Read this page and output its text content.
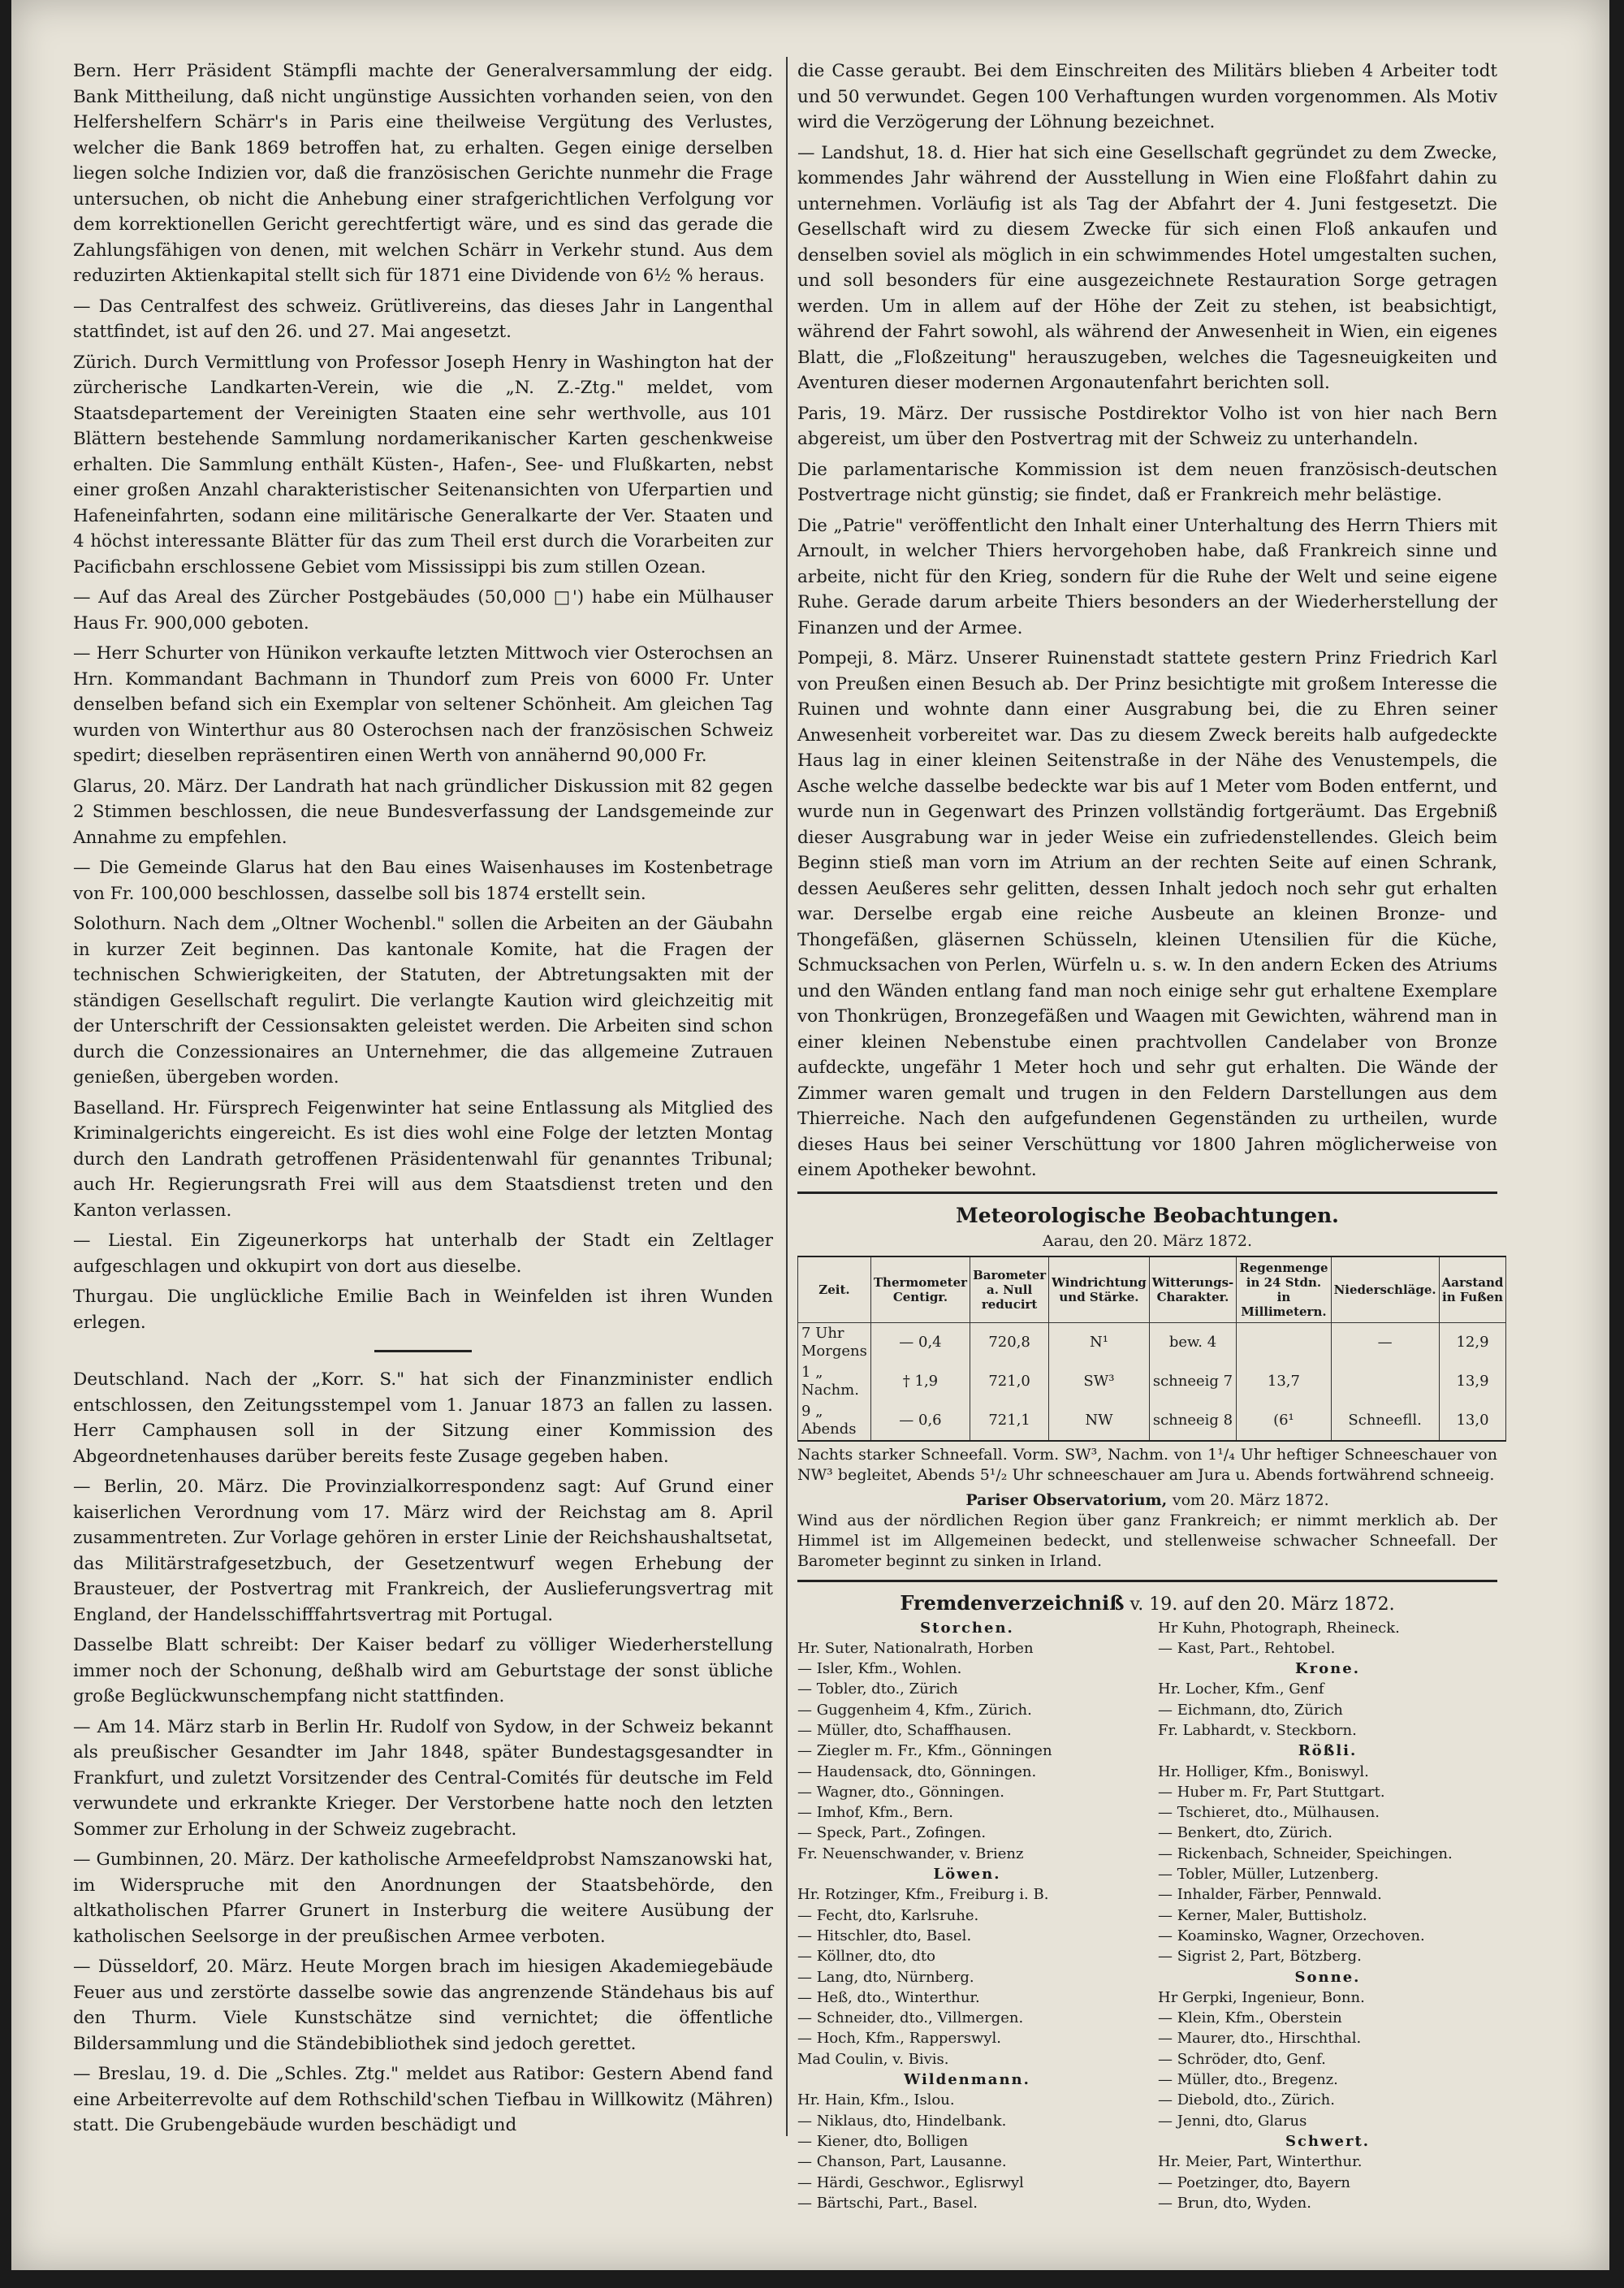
Bern. Herr Präsident Stämpfli machte der Generalversammlung der eidg. Bank Mittheilung, daß nicht ungünstige Aussichten vorhanden seien, von den Helfershelfern Schärr's in Paris eine theilweise Vergütung des Verlustes, welcher die Bank 1869 betroffen hat, zu erhalten. Gegen einige derselben liegen solche Indizien vor, daß die französischen Gerichte nunmehr die Frage untersuchen, ob nicht die Anhebung einer strafgerichtlichen Verfolgung vor dem korrektionellen Gericht gerechtfertigt wäre, und es sind das gerade die Zahlungsfähigen von denen, mit welchen Schärr in Verkehr stund. Aus dem reduzirten Aktienkapital stellt sich für 1871 eine Dividende von 6½ % heraus.

— Das Centralfest des schweiz. Grütlivereins, das dieses Jahr in Langenthal stattfindet, ist auf den 26. und 27. Mai angesetzt.

Zürich. Durch Vermittlung von Professor Joseph Henry in Washington hat der zürcherische Landkarten-Verein, wie die „N. Z.-Ztg." meldet, vom Staatsdepartement der Vereinigten Staaten eine sehr werthvolle, aus 101 Blättern bestehende Sammlung nordamerikanischer Karten geschenkweise erhalten. Die Sammlung enthält Küsten-, Hafen-, See- und Flußkarten, nebst einer großen Anzahl charakteristischer Seitenansichten von Uferpartien und Hafeneinfahrten, sodann eine militärische Generalkarte der Ver. Staaten und 4 höchst interessante Blätter für das zum Theil erst durch die Vorarbeiten zur Pacificbahn erschlossene Gebiet vom Mississippi bis zum stillen Ozean.

— Auf das Areal des Zürcher Postgebäudes (50,000 □') habe ein Mülhauser Haus Fr. 900,000 geboten.

— Herr Schurter von Hünikon verkaufte letzten Mittwoch vier Osterochsen an Hrn. Kommandant Bachmann in Thundorf zum Preis von 6000 Fr. Unter denselben befand sich ein Exemplar von seltener Schönheit. Am gleichen Tag wurden von Winterthur aus 80 Osterochsen nach der französischen Schweiz spedirt; dieselben repräsentiren einen Werth von annähernd 90,000 Fr.

Glarus, 20. März. Der Landrath hat nach gründlicher Diskussion mit 82 gegen 2 Stimmen beschlossen, die neue Bundesverfassung der Landsgemeinde zur Annahme zu empfehlen.

— Die Gemeinde Glarus hat den Bau eines Waisenhauses im Kostenbetrage von Fr. 100,000 beschlossen, dasselbe soll bis 1874 erstellt sein.

Solothurn. Nach dem „Oltner Wochenbl." sollen die Arbeiten an der Gäubahn in kurzer Zeit beginnen. Das kantonale Komite, hat die Fragen der technischen Schwierigkeiten, der Statuten, der Abtretungsakten mit der ständigen Gesellschaft regulirt. Die verlangte Kaution wird gleichzeitig mit der Unterschrift der Cessionsakten geleistet werden. Die Arbeiten sind schon durch die Conzessionaires an Unternehmer, die das allgemeine Zutrauen genießen, übergeben worden.

Baselland. Hr. Fürsprech Feigenwinter hat seine Entlassung als Mitglied des Kriminalgerichts eingereicht. Es ist dies wohl eine Folge der letzten Montag durch den Landrath getroffenen Präsidentenwahl für genanntes Tribunal; auch Hr. Regierungsrath Frei will aus dem Staatsdienst treten und den Kanton verlassen.

— Liestal. Ein Zigeunerkorps hat unterhalb der Stadt ein Zeltlager aufgeschlagen und okkupirt von dort aus dieselbe.

Thurgau. Die unglückliche Emilie Bach in Weinfelden ist ihren Wunden erlegen.

Deutschland. Nach der „Korr. S." hat sich der Finanzminister endlich entschlossen, den Zeitungsstempel vom 1. Januar 1873 an fallen zu lassen. Herr Camphausen soll in der Sitzung einer Kommission des Abgeordnetenhauses darüber bereits feste Zusage gegeben haben.

— Berlin, 20. März. Die Provinzialkorrespondenz sagt: Auf Grund einer kaiserlichen Verordnung vom 17. März wird der Reichstag am 8. April zusammentreten. Zur Vorlage gehören in erster Linie der Reichshaushaltsetat, das Militärstrafgesetzbuch, der Gesetzentwurf wegen Erhebung der Brausteuer, der Postvertrag mit Frankreich, der Auslieferungsvertrag mit England, der Handelsschifffahrtsvertrag mit Portugal.

Dasselbe Blatt schreibt: Der Kaiser bedarf zu völliger Wiederherstellung immer noch der Schonung, deßhalb wird am Geburtstage der sonst übliche große Beglückwunschempfang nicht stattfinden.

— Am 14. März starb in Berlin Hr. Rudolf von Sydow, in der Schweiz bekannt als preußischer Gesandter im Jahr 1848, später Bundestagsgesandter in Frankfurt, und zuletzt Vorsitzender des Central-Comités für deutsche im Feld verwundete und erkrankte Krieger. Der Verstorbene hatte noch den letzten Sommer zur Erholung in der Schweiz zugebracht.

— Gumbinnen, 20. März. Der katholische Armeefeldprobst Namszanowski hat, im Widerspruche mit den Anordnungen der Staatsbehörde, den altkatholischen Pfarrer Grunert in Insterburg die weitere Ausübung der katholischen Seelsorge in der preußischen Armee verboten.

— Düsseldorf, 20. März. Heute Morgen brach im hiesigen Akademiegebäude Feuer aus und zerstörte dasselbe sowie das angrenzende Ständehaus bis auf den Thurm. Viele Kunstschätze sind vernichtet; die öffentliche Bildersammlung und die Ständebibliothek sind jedoch gerettet.

— Breslau, 19. d. Die „Schles. Ztg." meldet aus Ratibor: Gestern Abend fand eine Arbeiterrevolte auf dem Rothschild'schen Tiefbau in Willkowitz (Mähren) statt. Die Grubengebäude wurden beschädigt und

die Casse geraubt. Bei dem Einschreiten des Militärs blieben 4 Arbeiter todt und 50 verwundet. Gegen 100 Verhaftungen wurden vorgenommen. Als Motiv wird die Verzögerung der Löhnung bezeichnet.

— Landshut, 18. d. Hier hat sich eine Gesellschaft gegründet zu dem Zwecke, kommendes Jahr während der Ausstellung in Wien eine Floßfahrt dahin zu unternehmen. Vorläufig ist als Tag der Abfahrt der 4. Juni festgesetzt. Die Gesellschaft wird zu diesem Zwecke für sich einen Floß ankaufen und denselben soviel als möglich in ein schwimmendes Hotel umgestalten suchen, und soll besonders für eine ausgezeichnete Restauration Sorge getragen werden. Um in allem auf der Höhe der Zeit zu stehen, ist beabsichtigt, während der Fahrt sowohl, als während der Anwesenheit in Wien, ein eigenes Blatt, die „Floßzeitung" herauszugeben, welches die Tagesneuigkeiten und Aventuren dieser modernen Argonautenfahrt berichten soll.

Paris, 19. März. Der russische Postdirektor Volho ist von hier nach Bern abgereist, um über den Postvertrag mit der Schweiz zu unterhandeln.

Die parlamentarische Kommission ist dem neuen französisch-deutschen Postvertrage nicht günstig; sie findet, daß er Frankreich mehr belästige.

Die „Patrie" veröffentlicht den Inhalt einer Unterhaltung des Herrn Thiers mit Arnoult, in welcher Thiers hervorgehoben habe, daß Frankreich sinne und arbeite, nicht für den Krieg, sondern für die Ruhe der Welt und seine eigene Ruhe. Gerade darum arbeite Thiers besonders an der Wiederherstellung der Finanzen und der Armee.

Pompeji, 8. März. Unserer Ruinenstadt stattete gestern Prinz Friedrich Karl von Preußen einen Besuch ab. Der Prinz besichtigte mit großem Interesse die Ruinen und wohnte dann einer Ausgrabung bei, die zu Ehren seiner Anwesenheit vorbereitet war. Das zu diesem Zweck bereits halb aufgedeckte Haus lag in einer kleinen Seitenstraße in der Nähe des Venustempels, die Asche welche dasselbe bedeckte war bis auf 1 Meter vom Boden entfernt, und wurde nun in Gegenwart des Prinzen vollständig fortgeräumt. Das Ergebniß dieser Ausgrabung war in jeder Weise ein zufriedenstellendes. Gleich beim Beginn stieß man vorn im Atrium an der rechten Seite auf einen Schrank, dessen Aeußeres sehr gelitten, dessen Inhalt jedoch noch sehr gut erhalten war. Derselbe ergab eine reiche Ausbeute an kleinen Bronze- und Thongefäßen, gläsernen Schüsseln, kleinen Utensilien für die Küche, Schmucksachen von Perlen, Würfeln u. s. w. In den andern Ecken des Atriums und den Wänden entlang fand man noch einige sehr gut erhaltene Exemplare von Thonkrügen, Bronzegefäßen und Waagen mit Gewichten, während man in einer kleinen Nebenstube einen prachtvollen Candelaber von Bronze aufdeckte, ungefähr 1 Meter hoch und sehr gut erhalten. Die Wände der Zimmer waren gemalt und trugen in den Feldern Darstellungen aus dem Thierreiche. Nach den aufgefundenen Gegenständen zu urtheilen, wurde dieses Haus bei seiner Verschüttung vor 1800 Jahren möglicherweise von einem Apotheker bewohnt.

Meteorologische Beobachtungen.
Aarau, den 20. März 1872.
Zeit.	Thermometer Centigr.	Barometer a. Null reducirt	Windrichtung und Stärke.	Witterungs-Charakter.	Regenmenge in 24 Stdn. in Millimetern.	Niederschläge.	Aarstand in Fußen
7 Uhr Morgens	— 0,4	720,8	N¹	bew. 4		—	12,9
1 „ Nachm.	† 1,9	721,0	SW³	schneeig 7	13,7		13,9
9 „ Abends	— 0,6	721,1	NW	schneeig 8	(6¹	Schneefll.	13,0
Nachts starker Schneefall. Vorm. SW³, Nachm. von 1¹/₄ Uhr heftiger Schneeschauer von NW³ begleitet, Abends 5¹/₂ Uhr schneeschauer am Jura u. Abends fortwährend schneeig.
Pariser Observatorium, vom 20. März 1872.
Wind aus der nördlichen Region über ganz Frankreich; er nimmt merklich ab. Der Himmel ist im Allgemeinen bedeckt, und stellenweise schwacher Schneefall. Der Barometer beginnt zu sinken in Irland.
Fremdenverzeichniß v. 19. auf den 20. März 1872.
Storchen.
Hr. Suter, Nationalrath, Horben
— Isler, Kfm., Wohlen.
— Tobler, dto., Zürich
— Guggenheim 4, Kfm., Zürich.
— Müller, dto, Schaffhausen.
— Ziegler m. Fr., Kfm., Gönningen
— Haudensack, dto, Gönningen.
— Wagner, dto., Gönningen.
— Imhof, Kfm., Bern.
— Speck, Part., Zofingen.
Fr. Neuenschwander, v. Brienz
Löwen.
Hr. Rotzinger, Kfm., Freiburg i. B.
— Fecht, dto, Karlsruhe.
— Hitschler, dto, Basel.
— Köllner, dto, dto
— Lang, dto, Nürnberg.
— Heß, dto., Winterthur.
— Schneider, dto., Villmergen.
— Hoch, Kfm., Rapperswyl.
Mad Coulin, v. Bivis.
Wildenmann.
Hr. Hain, Kfm., Islou.
— Niklaus, dto, Hindelbank.
— Kiener, dto, Bolligen
— Chanson, Part, Lausanne.
— Härdi, Geschwor., Eglisrwyl
— Bärtschi, Part., Basel.
Hr Kuhn, Photograph, Rheineck.
— Kast, Part., Rehtobel.
Krone.
Hr. Locher, Kfm., Genf
— Eichmann, dto, Zürich
Fr. Labhardt, v. Steckborn.
Rößli.
Hr. Holliger, Kfm., Boniswyl.
— Huber m. Fr, Part Stuttgart.
— Tschieret, dto., Mülhausen.
— Benkert, dto, Zürich.
— Rickenbach, Schneider, Speichingen.
— Tobler, Müller, Lutzenberg.
— Inhalder, Färber, Pennwald.
— Kerner, Maler, Buttisholz.
— Koaminsko, Wagner, Orzechoven.
— Sigrist 2, Part, Bötzberg.
Sonne.
Hr Gerpki, Ingenieur, Bonn.
— Klein, Kfm., Oberstein
— Maurer, dto., Hirschthal.
— Schröder, dto, Genf.
— Müller, dto., Bregenz.
— Diebold, dto., Zürich.
— Jenni, dto, Glarus
Schwert.
Hr. Meier, Part, Winterthur.
— Poetzinger, dto, Bayern
— Brun, dto, Wyden.
